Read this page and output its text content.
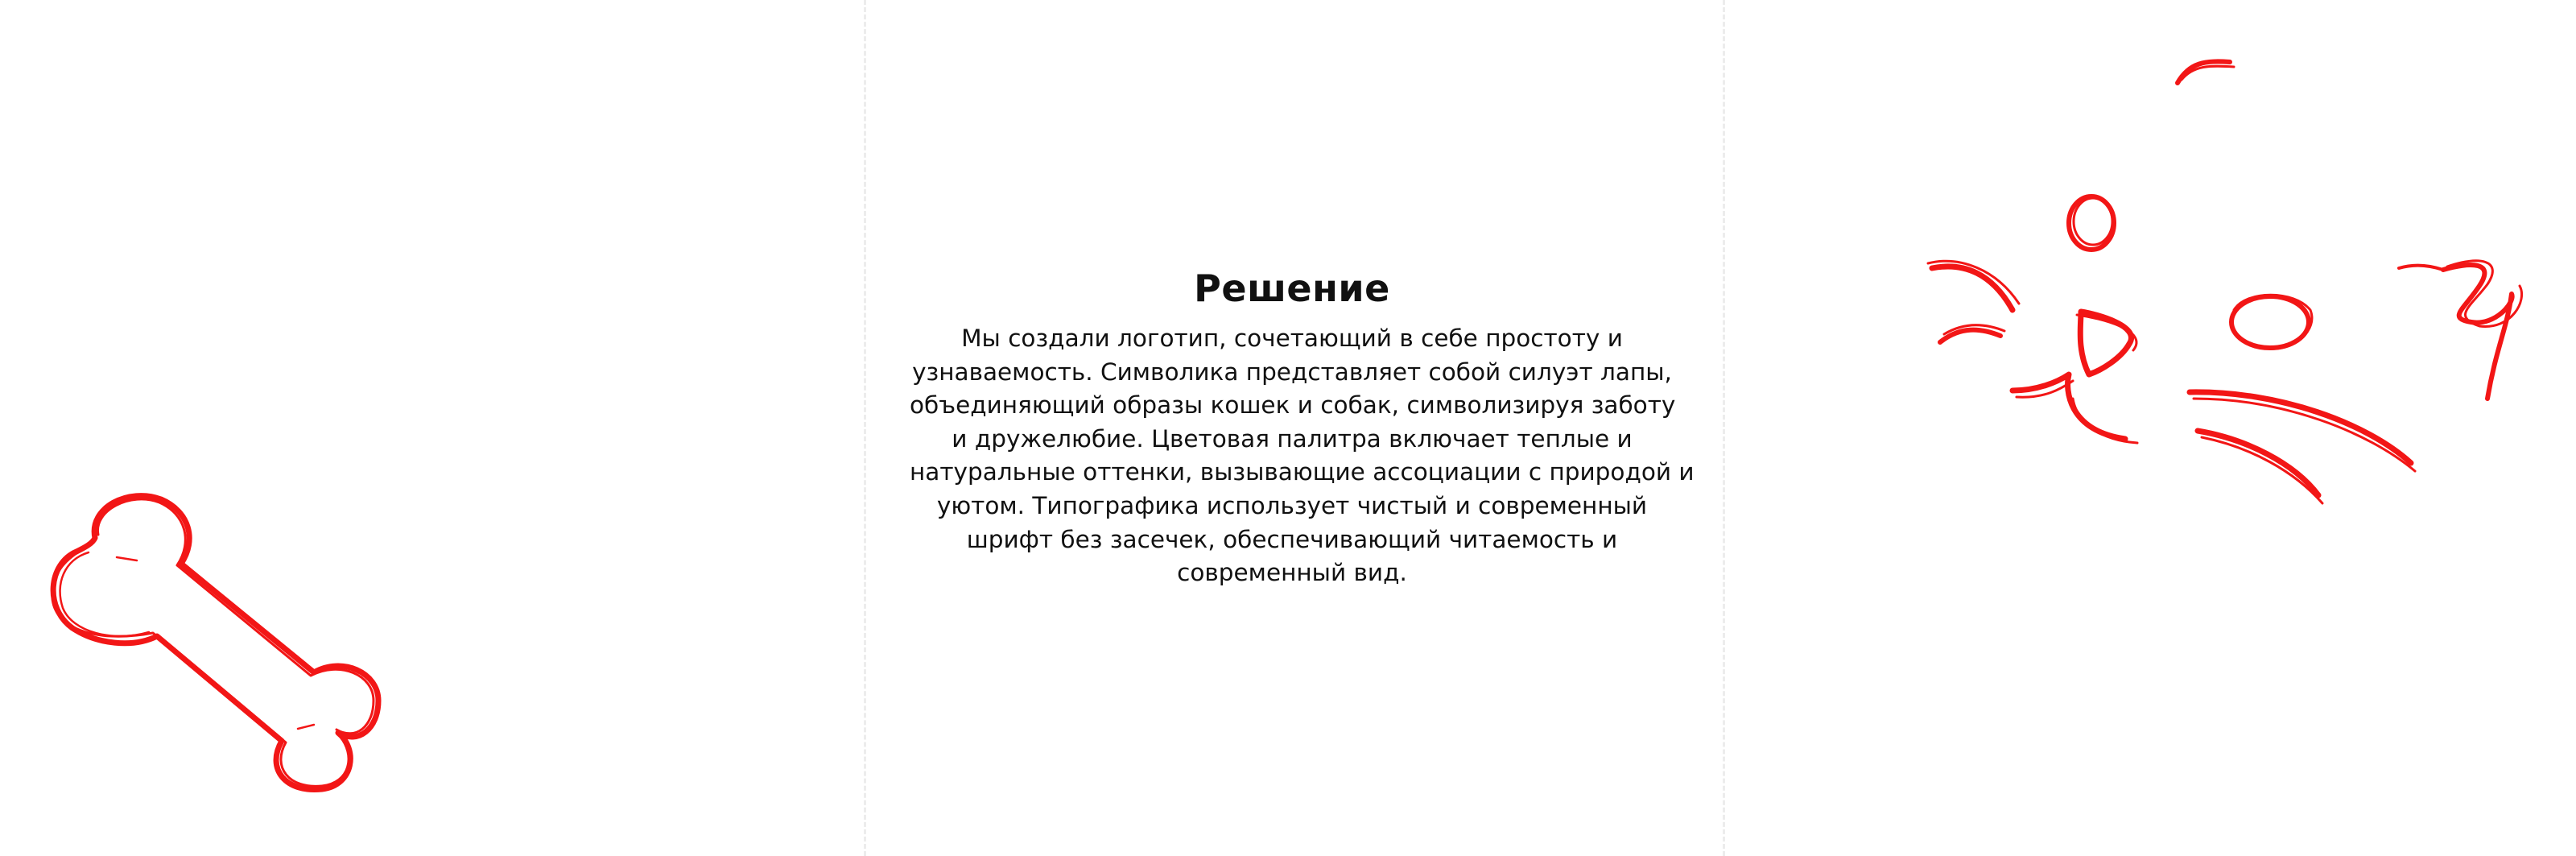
Решение

Мы создали логотип, сочетающий в себе простоту и
узнаваемость. Символика представляет собой силуэт лапы,
объединяющий образы кошек и собак, символизируя заботу
и дружелюбие. Цветовая палитра включает теплые и
натуральные оттенки, вызывающие ассоциации с природой и
уютом. Типографика использует чистый и современный
шрифт без засечек, обеспечивающий читаемость и
современный вид.
